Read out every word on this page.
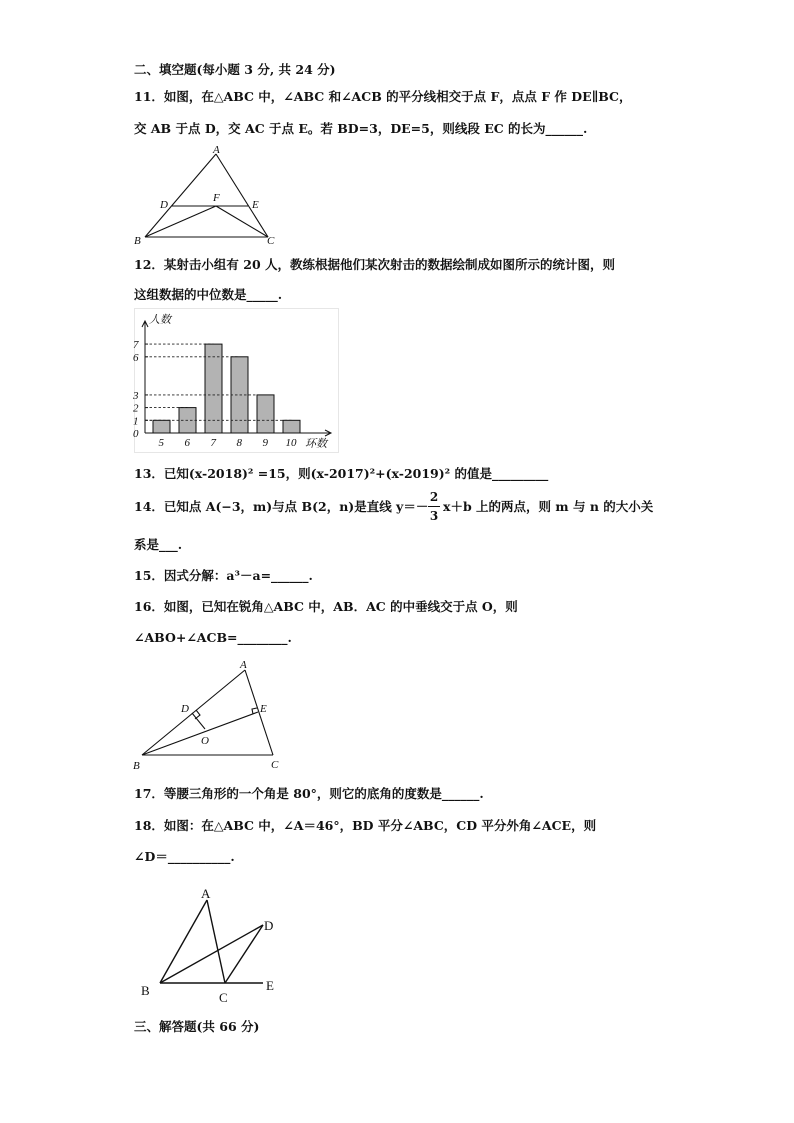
二、填空题(每小题 3 分, 共 24 分)
11．如图，在△ABC 中，∠ABC 和∠ACB 的平分线相交于点 F，点点 F 作 DE∥BC，
交 AB 于点 D，交 AC 于点 E。若 BD=3，DE=5，则线段 EC 的长为______.
A
B	C
D	E
F
12．某射击小组有 20 人，教练根据他们某次射击的数据绘制成如图所示的统计图，则
这组数据的中位数是_____.
人数
环数
7
6
3
2
1
0
5 6 7 8 9 10
13．已知(x-2018)² =15，则(x-2017)²+(x-2019)² 的值是_________
14．已知点 A(−3，m)与点 B(2，n)是直线 y＝－
2
3
x＋b 上的两点，则 m 与 n 的大小关
系是___.
15．因式分解：a³－a=______.
16．如图，已知在锐角△ABC 中，AB．AC 的中垂线交于点 O，则
∠ABO+∠ACB=________.
A
B	C
D	E
O
17．等腰三角形的一个角是 80°，则它的底角的度数是______.
18．如图：在△ABC 中，∠A＝46°，BD 平分∠ABC，CD 平分外角∠ACE，则
∠D＝__________.
A
B	C
D
E
三、解答题(共 66 分)
